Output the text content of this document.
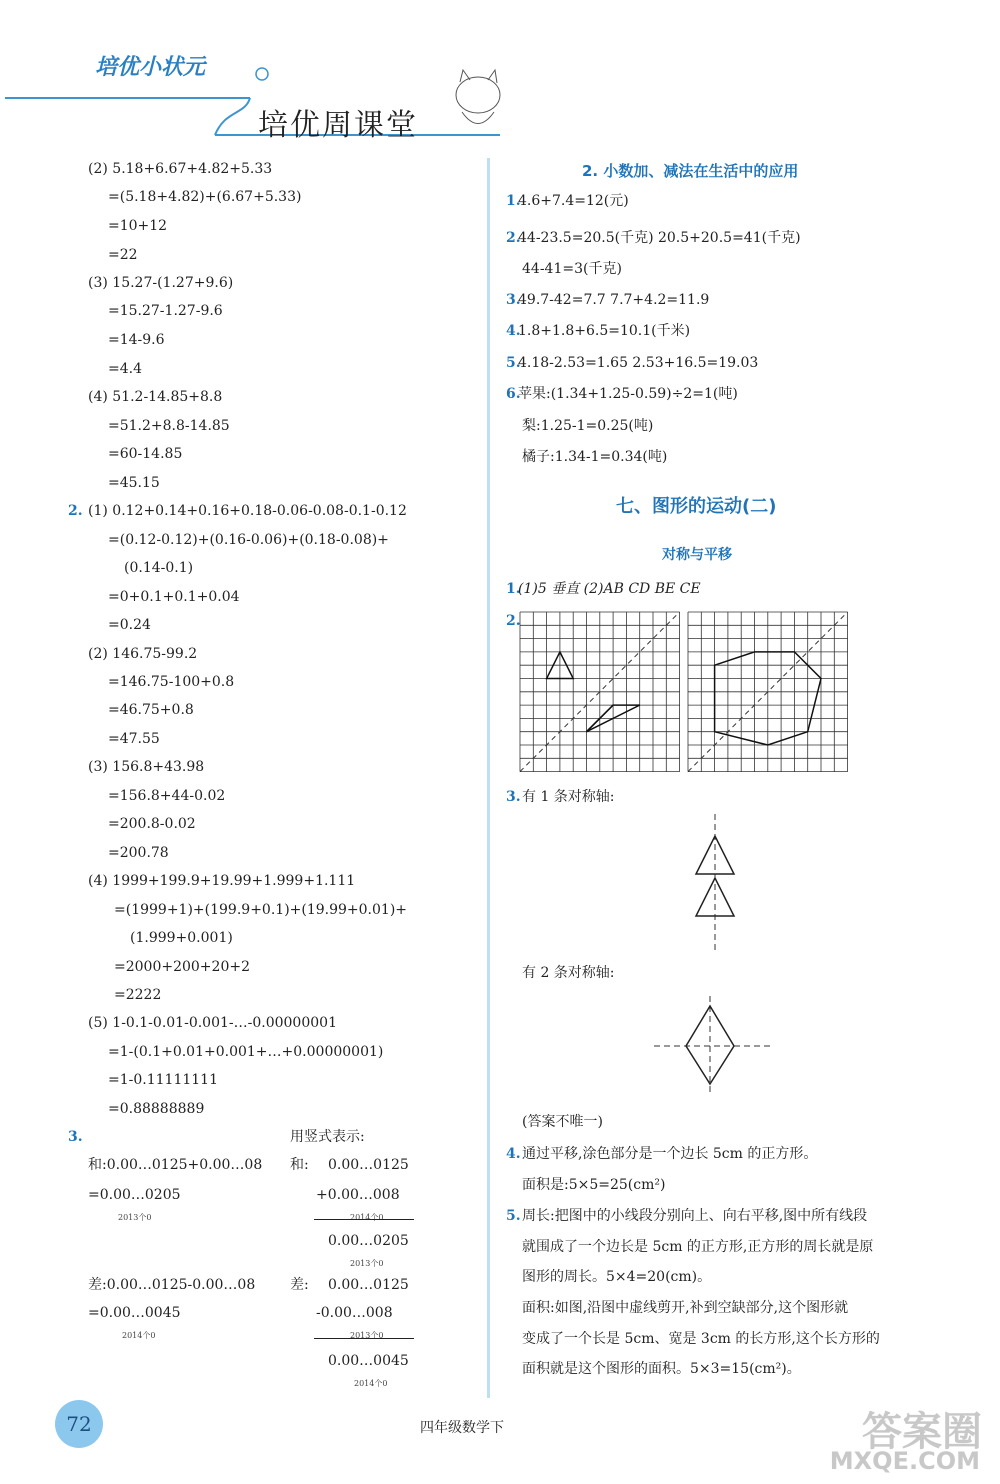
培优小状元
培优周课堂
(2) 5.18+6.67+4.82+5.33
=(5.18+4.82)+(6.67+5.33)
=10+12
=22
(3) 15.27-(1.27+9.6)
=15.27-1.27-9.6
=14-9.6
=4.4
(4) 51.2-14.85+8.8
=51.2+8.8-14.85
=60-14.85
=45.15
2. (1) 0.12+0.14+0.16+0.18-0.06-0.08-0.1-0.12
=(0.12-0.12)+(0.16-0.06)+(0.18-0.08)+
(0.14-0.1)
=0+0.1+0.1+0.04
=0.24
(2) 146.75-99.2
=146.75-100+0.8
=46.75+0.8
=47.55
(3) 156.8+43.98
=156.8+44-0.02
=200.8-0.02
=200.78
(4) 1999+199.9+19.99+1.999+1.111
=(1999+1)+(199.9+0.1)+(19.99+0.01)+
(1.999+0.001)
=2000+200+20+2
=2222
(5) 1-0.1-0.01-0.001-…-0.00000001
=1-(0.1+0.01+0.001+…+0.00000001)
=1-0.11111111
=0.88888889
3.	用竖式表示:
和:0.00…0125+0.00…08
=0.00…0205
2013个0
差:0.00…0125-0.00…08
=0.00…0045
2014个0
和: 0.00…0125
+0.00…008
2014个0
0.00…0205
2013个0
差: 0.00…0125
-0.00…008
2013个0
0.00…0045
2014个0
2. 小数加、减法在生活中的应用
1.
4.6+7.4=12(元)
2.
44-23.5=20.5(千克) 20.5+20.5=41(千克)
44-41=3(千克)
3.
49.7-42=7.7 7.7+4.2=11.9
4.
1.8+1.8+6.5=10.1(千米)
5.
4.18-2.53=1.65 2.53+16.5=19.03
6.
苹果:(1.34+1.25-0.59)÷2=1(吨)
梨:1.25-1=0.25(吨)
橘子:1.34-1=0.34(吨)
七、图形的运动(二)
对称与平移
1.
(1)5 垂直 (2)AB CD BE CE
2.
3. 有 1 条对称轴:
有 2 条对称轴:
(答案不唯一)
4. 通过平移,涂色部分是一个边长 5cm 的正方形。
面积是:5×5=25(cm²)
5. 周长:把图中的小线段分别向上、向右平移,图中所有线段
就围成了一个边长是 5cm 的正方形,正方形的周长就是原
图形的周长。5×4=20(cm)。
面积:如图,沿图中虚线剪开,补到空缺部分,这个图形就
变成了一个长是 5cm、宽是 3cm 的长方形,这个长方形的
面积就是这个图形的面积。5×3=15(cm²)。
72	四年级数学下	答案圈
MXQE.COM
